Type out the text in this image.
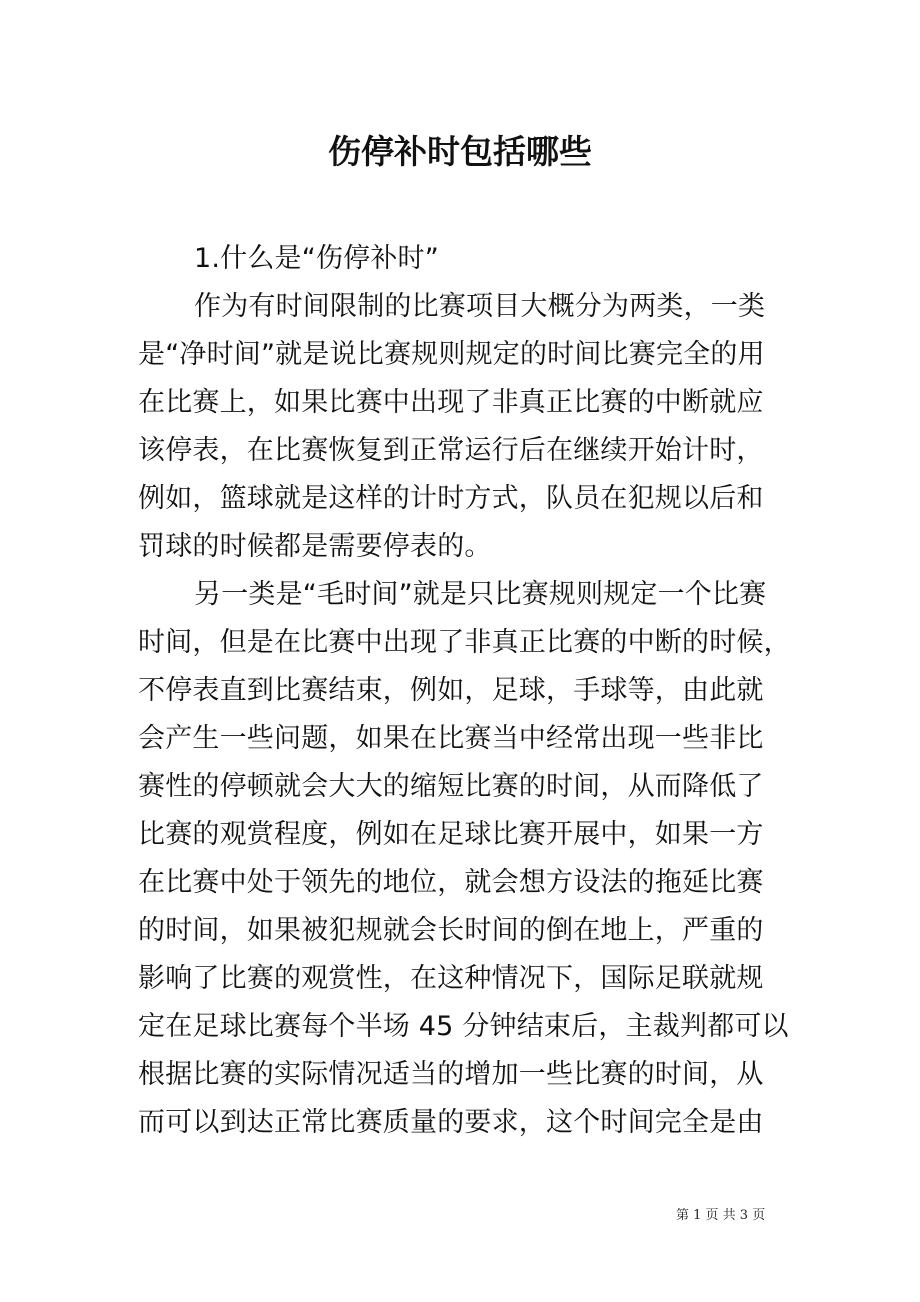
伤停补时包括哪些
1.什么是“伤停补时”
作为有时间限制的比赛项目大概分为两类，一类
是“净时间”就是说比赛规则规定的时间比赛完全的用
在比赛上，如果比赛中出现了非真正比赛的中断就应
该停表，在比赛恢复到正常运行后在继续开始计时，
例如，篮球就是这样的计时方式，队员在犯规以后和
罚球的时候都是需要停表的。
另一类是“毛时间”就是只比赛规则规定一个比赛
时间，但是在比赛中出现了非真正比赛的中断的时候，
不停表直到比赛结束，例如，足球，手球等，由此就
会产生一些问题，如果在比赛当中经常出现一些非比
赛性的停顿就会大大的缩短比赛的时间，从而降低了
比赛的观赏程度，例如在足球比赛开展中，如果一方
在比赛中处于领先的地位，就会想方设法的拖延比赛
的时间，如果被犯规就会长时间的倒在地上，严重的
影响了比赛的观赏性，在这种情况下，国际足联就规
定在足球比赛每个半场 45 分钟结束后，主裁判都可以
根据比赛的实际情况适当的增加一些比赛的时间，从
而可以到达正常比赛质量的要求，这个时间完全是由
第 1 页 共 3 页
